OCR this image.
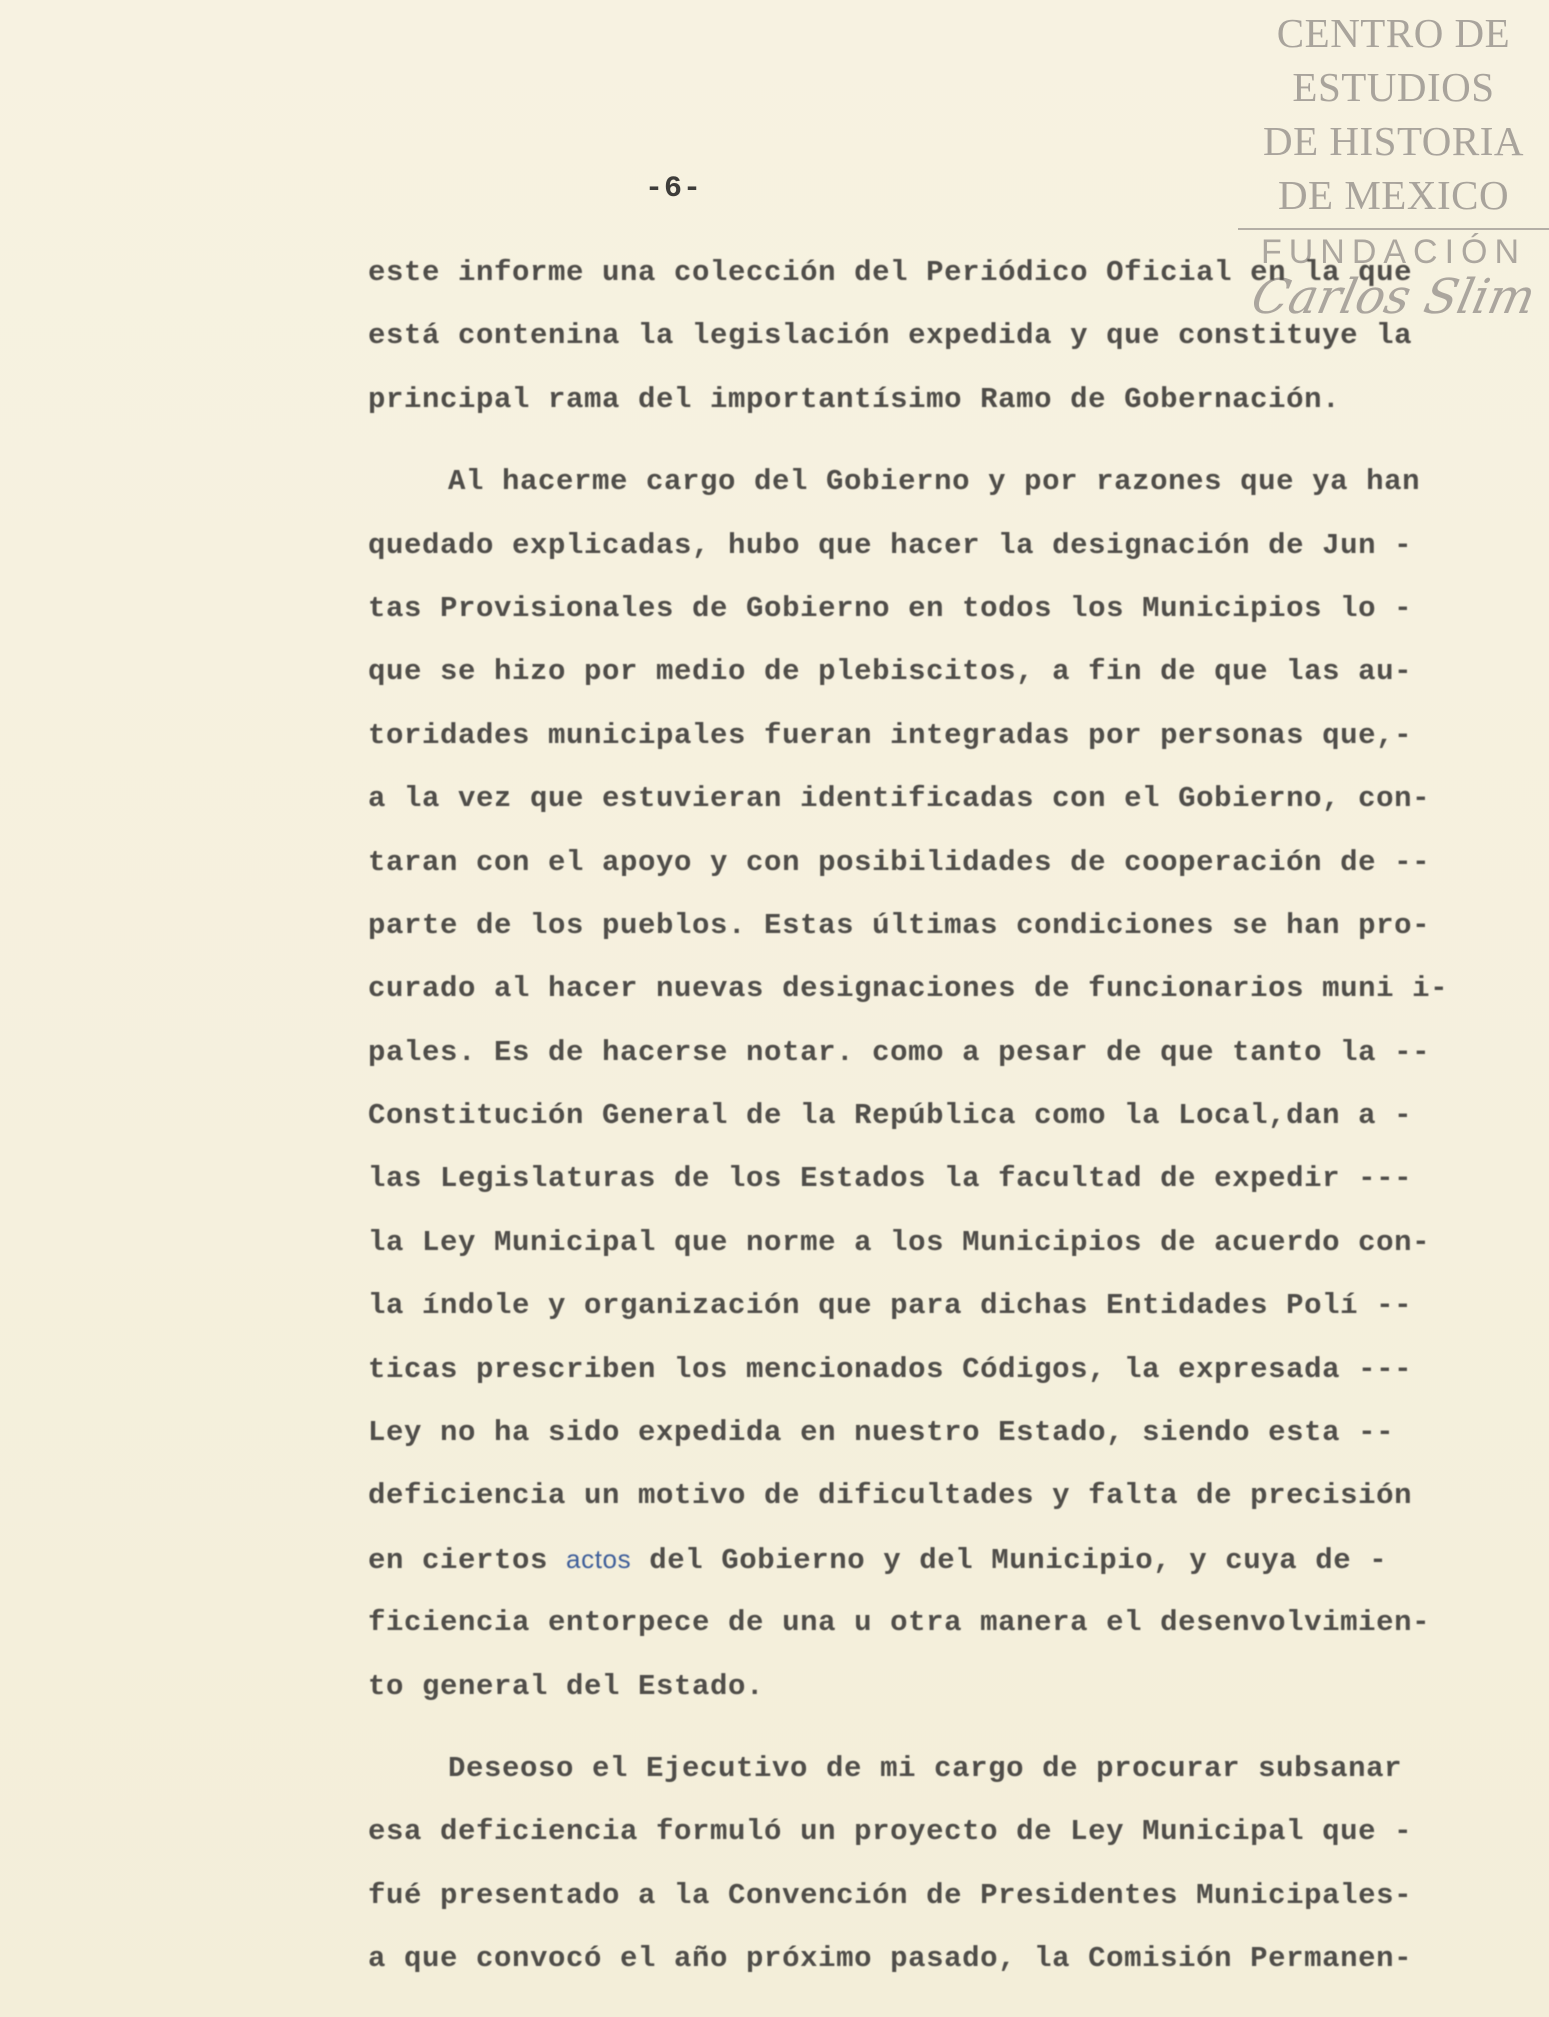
CENTRO DE
ESTUDIOS
DE HISTORIA
DE MEXICO
FUNDACIÓN
Carlos Slim
-6-
este informe una colección del Periódico Oficial en la que
está contenina la legislación expedida y que constituye la
principal rama del importantísimo Ramo de Gobernación.
Al hacerme cargo del Gobierno y por razones que ya han
quedado explicadas, hubo que hacer la designación de Jun -
tas Provisionales de Gobierno en todos los Municipios lo -
que se hizo por medio de plebiscitos, a fin de que las au-
toridades municipales fueran integradas por personas que,-
a la vez que estuvieran identificadas con el Gobierno, con-
taran con el apoyo y con posibilidades de cooperación de --
parte de los pueblos. Estas últimas condiciones se han pro-
curado al hacer nuevas designaciones de funcionarios muni i-
pales. Es de hacerse notar. como a pesar de que tanto la --
Constitución General de la República como la Local,dan a -
las Legislaturas de los Estados la facultad de expedir ---
la Ley Municipal que norme a los Municipios de acuerdo con-
la índole y organización que para dichas Entidades Polí --
ticas prescriben los mencionados Códigos, la expresada ---
Ley no ha sido expedida en nuestro Estado, siendo esta --
deficiencia un motivo de dificultades y falta de precisión
en ciertos actos del Gobierno y del Municipio, y cuya de -
ficiencia entorpece de una u otra manera el desenvolvimien-
to general del Estado.
Deseoso el Ejecutivo de mi cargo de procurar subsanar
esa deficiencia formuló un proyecto de Ley Municipal que -
fué presentado a la Convención de Presidentes Municipales-
a que convocó el año próximo pasado, la Comisión Permanen-
